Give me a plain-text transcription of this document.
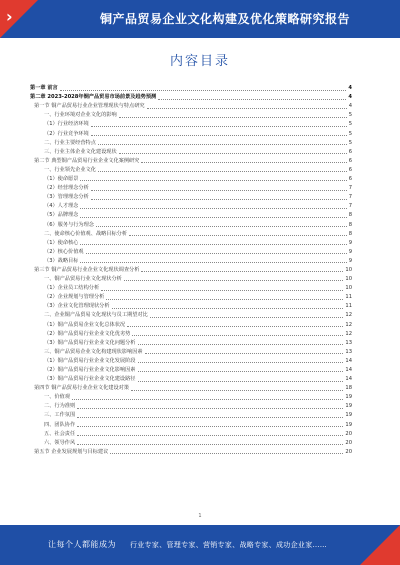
›	铜产品贸易企业文化构建及优化策略研究报告
内容目录
第一章 前言	4
第二章 2023-2028年铜产品贸易市场前景及趋势预测	4
第一节 铜产品贸易行业企业管理现状与特点研究	4
一、行业环境对企业文化的影响	5
（1）行业经济环境	5
（2）行业竞争环境	5
二、行业主要经营特点	5
三、行业主体企业文化建设现状	6
第二节 典型铜产品贸易行业企业文化案例研究	6
一、行业领先企业文化	6
（1）使命愿景	6
（2）经营理念分析	7
（3）管理理念分析	7
（4）人才理念	7
（5）品牌理念	8
（6）服务与行为理念	8
二、使命核心价值观、战略目标分析	8
（1）使命核心	9
（2）核心价值观	9
（3）战略目标	9
第三节 铜产品贸易行业企业文化现状调查分析	10
一、铜产品贸易行业文化现状分析	10
（1）企业员工结构分析	10
（2）企业规划与管理分析	11
（3）企业文化管理现状分析	11
二、企业铜产品贸易文化现状与员工期望对比	12
（1）铜产品贸易企业文化总体状况	12
（2）铜产品贸易行业企业文化优劣势	12
（3）铜产品贸易行业企业文化问题分析	13
三、铜产品贸易企业文化构建现状影响因素	13
（1）铜产品贸易行业企业文化发展阶段	14
（2）铜产品贸易行业企业文化影响因素	14
（3）铜产品贸易行业企业文化建设路径	14
第四节 铜产品贸易行业企业文化建设对策	18
一、价值观	19
二、行为准则	19
三、工作氛围	19
四、团队协作	19
五、社会责任	20
六、领导作风	20
第五节 企业发展规划与目标建议	20
1
让每个人都能成为 行业专家、管理专家、营销专家、战略专家、成功企业家……
